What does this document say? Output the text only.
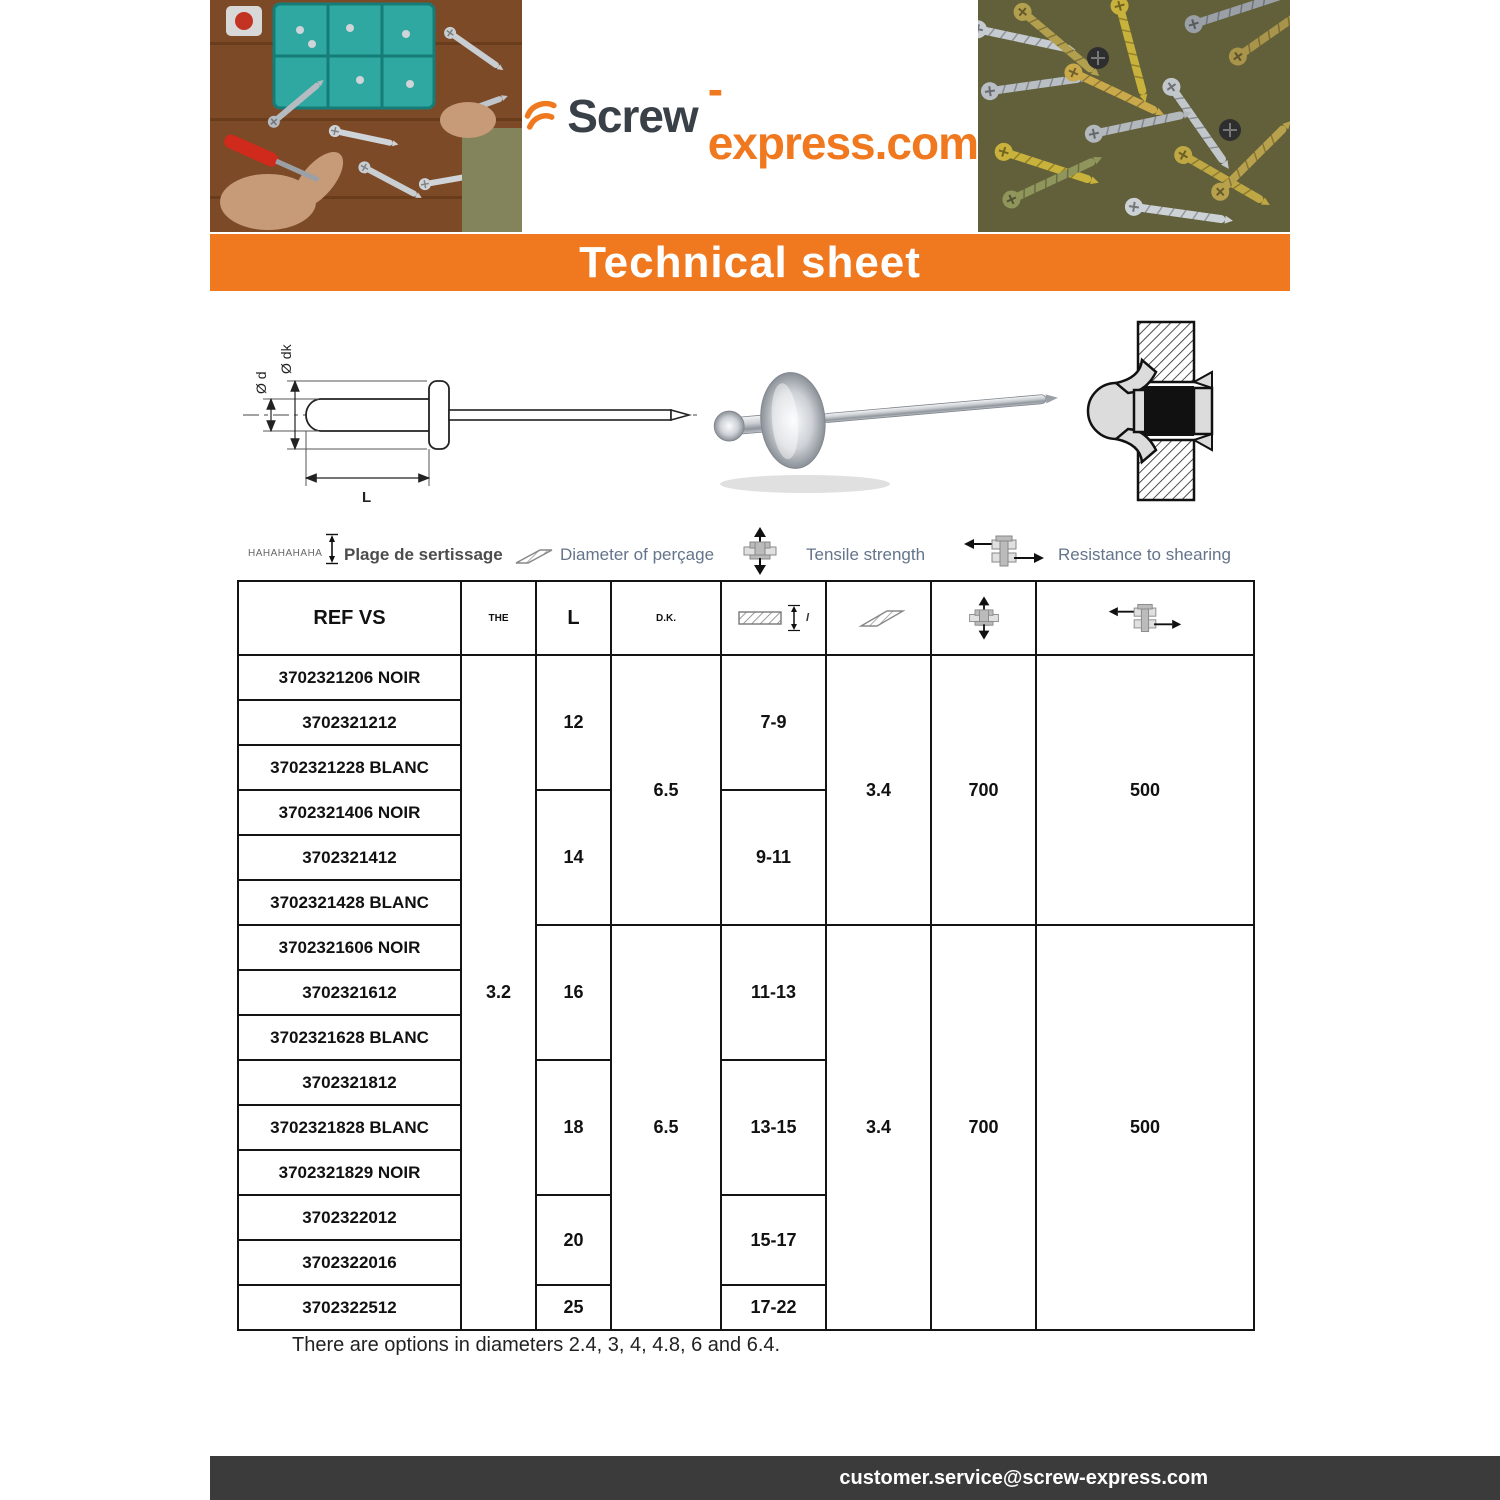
Screw
-express.com
Technical sheet
Ø d
Ø dk
L
HAHAHAHAHA Plage de sertissage	Diameter of perçage	Tensile strength	Resistance to shearing
REF VS	THE	L	D.K.	l

3702321206 NOIR	3.2	12	6.5	7-9	3.4	700	500
3702321212							
3702321228 BLANC							
3702321406 NOIR		14		9-11			
3702321412							
3702321428 BLANC							
3702321606 NOIR		16	6.5	11-13	3.4	700	500
3702321612							
3702321628 BLANC							
3702321812		18		13-15			
3702321828 BLANC							
3702321829 NOIR							
3702322012		20		15-17			
3702322016							
3702322512		25		17-22			
There are options in diameters 2.4, 3, 4, 4.8, 6 and 6.4.
customer.service@screw-express.com
